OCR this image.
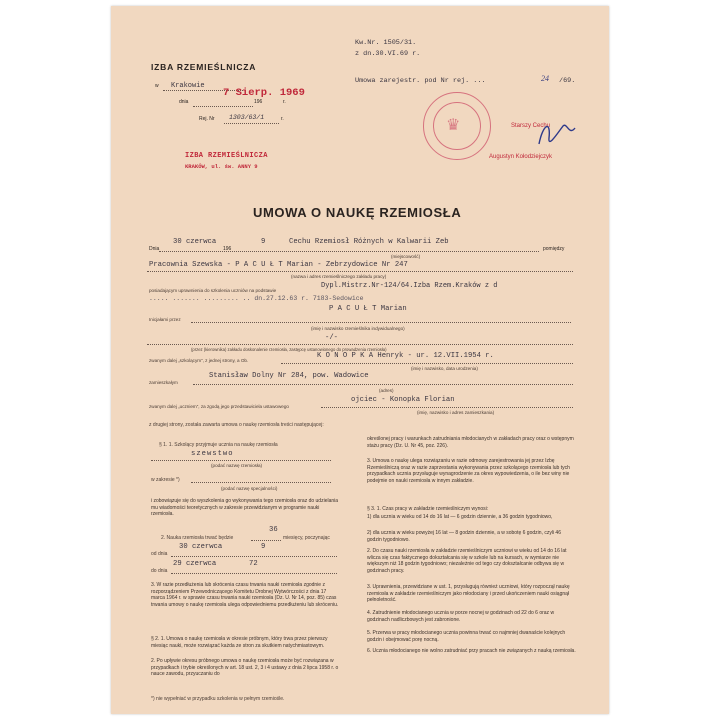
IZBA RZEMIEŚLNICZA
w Krakowie
7 Sierp. 1969
dnia	196	r.
Rej. Nr 1303/63/1	r.
IZBA RZEMIEŚLNICZA
KRAKÓW, ul. św. ANNY 9
Kw.Nr. 1505/31.
z dn.30.VI.69 r.
Umowa zarejestr. pod Nr rej. ...	24 /69.
♛	Starszy Cechu
Augustyn Kołodziejczyk
UMOWA O NAUKĘ RZEMIOSŁA
Dnia
30 czerwca
196
9	Cechu Rzemiosł Różnych w Kalwarii Zeb
pomiędzy
(miejscowość)
Pracownia Szewska - P A C U Ł T Marian - Zebrzydowice Nr 247
(nazwa i adres rzemieślniczego zakładu pracy)
posiadającym uprawnienia do szkolenia uczniów na podstawie
Dypl.Mistrz.Nr-124/64.Izba Rzem.Kraków z d
..... ....... ......... .. dn.27.12.63 r. 7183-Sedowice
P A C U Ł T Marian
Inicjałami przez
(imię i nazwisko rzemieślnika indywidualnego)
-/-
(przez (kierownika) zakładu doskonalenie rzemiosła, zastępcę ustanowionego do prowadzenia rzemiosła)
zwanym dalej „szkolącym”, z jednej strony, a Ob.
K O N O P K A Henryk - ur. 12.VII.1954 r.
(imię i nazwisko, data urodzenia)
zamieszkałym
Stanisław Dolny Nr 284, pow. Wadowice
(adres)
zwanym dalej „uczniem”, za zgodą jego przedstawiciela ustawowego
ojciec - Konopka Florian
(imię, nazwisko i adres zamieszkania)
z drugiej strony, została zawarta umowa o naukę rzemiosła treści następującej:
§ 1. 1. Szkolący przyjmuje ucznia na naukę rzemiosła
szewstwo
(podać nazwę rzemiosła)
w zakresie *)
(podać nazwę specjalności)
i zobowiązuje się do wyszkolenia go wykonywania tego rzemiosła oraz do udzielania mu wiadomości teoretycznych w zakresie przewidzianym w programie nauki rzemiosła.
36
2. Nauka rzemiosła trwać będzie	miesięcy, poczynając
od dnia
30 czerwca	9
do dnia
29 czerwca	72
3. W razie przedłużenia lub skrócenia czasu trwania nauki rzemiosła zgodnie z rozporządzeniem Przewodniczącego Komitetu Drobnej Wytwórczości z dnia 17 marca 1964 r. w sprawie czasu trwania nauki rzemiosła (Dz. U. Nr 14, poz. 85) czas trwania umowy o naukę rzemiosła ulega odpowiedniemu przedłużeniu lub skróceniu.
§ 2. 1. Umowa o naukę rzemiosła w okresie próbnym, który trwa przez pierwszy miesiąc nauki, może rozwiązać każda ze stron za skutkiem natychmiastowym.
2. Po upływie okresu próbnego umowa o naukę rzemiosła może być rozwiązana w przypadkach i trybie określonych w art. 18 ust. 2, 3 i 4 ustawy z dnia 2 lipca 1958 r. o nauce zawodu, przyuczaniu do
*) nie wypełniać w przypadku szkolenia w pełnym rzemiośle.
określonej pracy i warunkach zatrudniania młodocianych w zakładach pracy oraz o wstępnym stażu pracy (Dz. U. Nr 45, poz. 226).
3. Umowa o naukę ulega rozwiązaniu w razie odmowy zarejestrowania jej przez Izbę Rzemieślniczą oraz w razie zaprzestania wykonywania przez szkolącego rzemiosła lub tych przypadkach ucznia przysługuje wynagrodzenie za okres wypowiedzenia, o ile bez winy nie podejmie on nauki rzemiosła w innym zakładzie.
§ 3. 1. Czas pracy w zakładzie rzemieślniczym wynosi:
1) dla ucznia w wieku od 14 do 16 lat — 6 godzin dziennie, a 36 godzin tygodniowo,
2) dla ucznia w wieku powyżej 16 lat — 8 godzin dziennie, a w sobotę 6 godzin, czyli 46 godzin tygodniowo.
2. Do czasu nauki rzemiosła w zakładzie rzemieślniczym uczniowi w wieku od 14 do 16 lat wlicza się czas faktycznego dokształcania się w szkole lub na kursach, w wymiarze nie większym niż 18 godzin tygodniowo; niezależnie od tego czy dokształcanie odbywa się w godzinach pracy.
3. Uprawnienia, przewidziane w ust. 1, przysługują również uczniowi, który rozpoczął naukę rzemiosła w zakładzie rzemieślniczym jako młodociany i przed ukończeniem nauki osiągnął pełnoletność.
4. Zatrudnienie młodocianego ucznia w porze nocnej w godzinach od 22 do 6 oraz w godzinach nadliczbowych jest zabronione.
5. Przerwa w pracy młodocianego ucznia powinna trwać co najmniej dwanaście kolejnych godzin i obejmować porę nocną.
6. Ucznia młodocianego nie wolno zatrudniać przy pracach nie związanych z nauką rzemiosła.
